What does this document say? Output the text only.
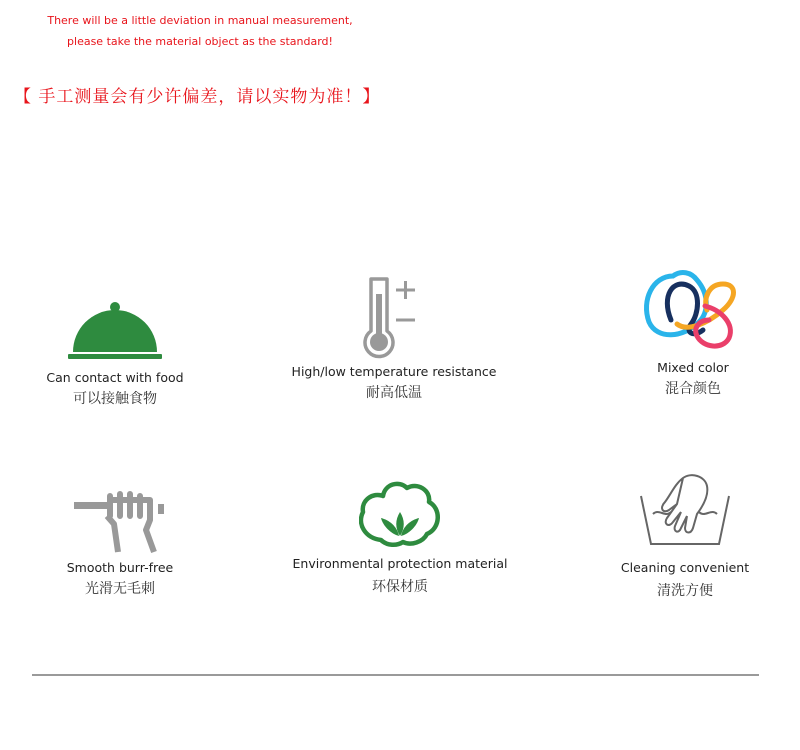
There will be a little deviation in manual measurement,
please take the material object as the standard!
【 手工测量会有少许偏差，请以实物为准！】
Can contact with food
可以接触食物
High/low temperature resistance
耐高低温
Mixed color
混合颜色
Smooth burr-free
光滑无毛刺
Environmental protection material
环保材质
Cleaning convenient
清洗方便
